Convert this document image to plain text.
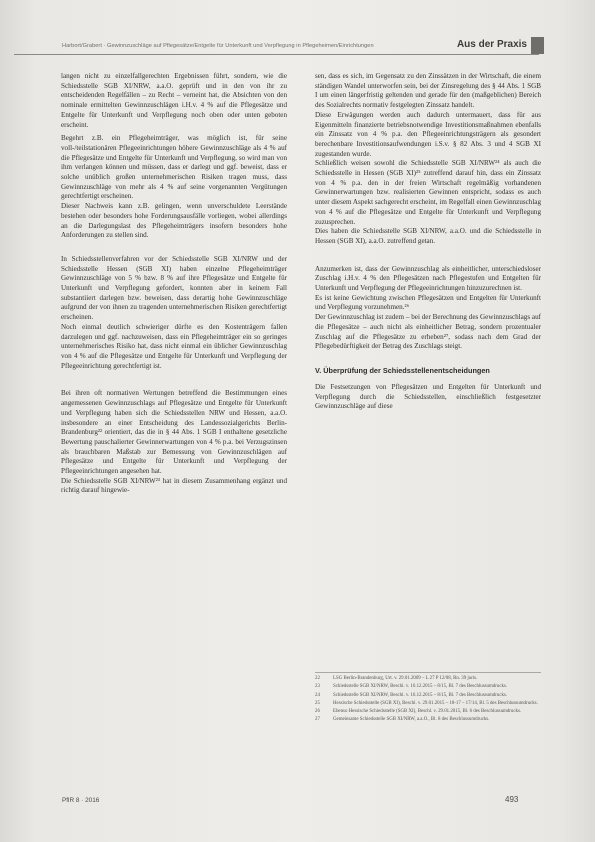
Harbort/Grabert · Gewinnzuschläge auf Pflegesätze/Entgelte für Unterkunft und Verpflegung in Pflegeheimen/Einrichtungen	Aus der Praxis

langen nicht zu einzelfallgerechten Ergebnissen führt, sondern, wie die Schiedsstelle SGB XI/NRW, a.a.O. geprüft und in den von ihr zu entscheidenden Regelfällen – zu Recht – verneint hat, die Absichten von den nominale ermittelten Gewinnzuschlägen i.H.v. 4 % auf die Pflegesätze und Entgelte für Unterkunft und Verpflegung noch oben oder unten geboten erscheint.

Begehrt z.B. ein Pflegeheimträger, was möglich ist, für seine voll-/teilstationären Pflegeeinrichtungen höhere Gewinnzuschläge als 4 % auf die Pflegesätze und Entgelte für Unterkunft und Verpflegung, so wird man von ihm verlangen können und müssen, dass er darlegt und ggf. beweist, dass er solche unüblich großen unternehmerischen Risiken tragen muss, dass Gewinnzuschläge von mehr als 4 % auf seine vorgenannten Vergütungen gerechtfertigt erscheinen.

Dieser Nachweis kann z.B. gelingen, wenn unverschuldete Leerstände bestehen oder besonders hohe Forderungsausfälle vorliegen, wobei allerdings an die Darlegungslast des Pflegeheimträgers insofern besonders hohe Anforderungen zu stellen sind.

In Schiedsstellenverfahren vor der Schiedsstelle SGB XI/NRW und der Schiedsstelle Hessen (SGB XI) haben einzelne Pflegeheimträger Gewinnzuschläge von 5 % bzw. 8 % auf ihre Pflegesätze und Entgelte für Unterkunft und Verpflegung gefordert, konnten aber in keinem Fall substantiiert darlegen bzw. beweisen, dass derartig hohe Gewinnzuschläge aufgrund der von ihnen zu tragenden unternehmerischen Risiken gerechtfertigt erscheinen.

Noch einmal deutlich schwieriger dürfte es den Kostenträgern fallen darzulegen und ggf. nachzuweisen, dass ein Pflegeheimträger ein so geringes unternehmerisches Risiko hat, dass nicht einmal ein üblicher Gewinnzuschlag von 4 % auf die Pflegesätze und Entgelte für Unterkunft und Verpflegung der Pflegeeinrichtung gerechtfertigt ist.

Bei ihren oft normativen Wertungen betreffend die Bestimmungen eines angemessenen Gewinnzuschlags auf Pflegesätze und Entgelte für Unterkunft und Verpflegung haben sich die Schiedsstellen NRW und Hessen, a.a.O. insbesondere an einer Entscheidung des Landessozialgerichts Berlin-Brandenburg²² orientiert, das die in § 44 Abs. 1 SGB I enthaltene gesetzliche Bewertung pauschalierter Gewinnerwartungen von 4 % p.a. bei Verzugszinsen als brauchbaren Maßstab zur Bemessung von Gewinnzuschlägen auf Pflegesätze und Entgelte für Unterkunft und Verpflegung der Pflegeeinrichtungen angesehen hat.

Die Schiedsstelle SGB XI/NRW²³ hat in diesem Zusammenhang ergänzt und richtig darauf hingewie-

sen, dass es sich, im Gegensatz zu den Zinssätzen in der Wirtschaft, die einem ständigen Wandel unterworfen sein, bei der Zinsregelung des § 44 Abs. 1 SGB I um einen längerfristig geltenden und gerade für den (maßgeblichen) Bereich des Sozialrechts normativ festgelegten Zinssatz handelt.

Diese Erwägungen werden auch dadurch untermauert, dass für aus Eigenmitteln finanzierte betriebsnotwendige Investitionsmaßnahmen ebenfalls ein Zinssatz von 4 % p.a. den Pflegeeinrichtungsträgern als gesondert berechenbare Investitionsaufwendungen i.S.v. § 82 Abs. 3 und 4 SGB XI zugestanden wurde.

Schließlich weisen sowohl die Schiedsstelle SGB XI/NRW²⁴ als auch die Schiedsstelle in Hessen (SGB XI)²⁵ zutreffend darauf hin, dass ein Zinssatz von 4 % p.a. den in der freien Wirtschaft regelmäßig vorhandenen Gewinnerwartungen bzw. realisierten Gewinnen entspricht, sodass es auch unter diesem Aspekt sachgerecht erscheint, im Regelfall einen Gewinnzuschlag von 4 % auf die Pflegesätze und Entgelte für Unterkunft und Verpflegung zuzusprechen.

Dies haben die Schiedsstelle SGB XI/NRW, a.a.O. und die Schiedsstelle in Hessen (SGB XI), a.a.O. zutreffend getan.

Anzumerken ist, dass der Gewinnzuschlag als einheitlicher, unterschiedsloser Zuschlag i.H.v. 4 % den Pflegesätzen nach Pflegestufen und Entgelten für Unterkunft und Verpflegung der Pflegeeinrichtungen hinzuzurechnen ist.

Es ist keine Gewichtung zwischen Pflegesätzen und Entgelten für Unterkunft und Verpflegung vorzunehmen.²⁶

Der Gewinnzuschlag ist zudem – bei der Berechnung des Gewinnzuschlags auf die Pflegesätze – auch nicht als einheitlicher Betrag, sondern prozentualer Zuschlag auf die Pflegesätze zu erheben²⁷, sodass nach dem Grad der Pflegebedürftigkeit der Betrag des Zuschlags steigt.

V. Überprüfung der Schiedsstellenentscheidungen

Die Festsetzungen von Pflegesätzen und Entgelten für Unterkunft und Verpflegung durch die Schiedsstellen, einschließlich festgesetzter Gewinnzuschläge auf diese

22	LSG Berlin-Brandenburg, Urt. v. 29.01.2009 – L 27 P 12/08, Rn. 39 juris.
23	Schiedsstelle SGB XI/NRW, Beschl. v. 16.12.2015 – 8/15, Bl. 7 des Beschlussumdrucks.
24	Schiedsstelle SGB XI/NRW, Beschl. v. 16.12.2015 – 8/15, Bl. 7 des Beschlussumdrucks.
25	Hessische Schiedsstelle (SGB XI), Beschl. v. 29.01.2015 – 18-17 – 17/14, Bl. 5 des Beschlussumdrucks.
26	Ebenso Hessische Schiedsstelle (SGB XI), Beschl. v. 29.01.2015, Bl. 6 des Beschlussumdrucks.
27	Gemeinsame Schiedsstelle SGB XI/NRW, a.a.O., Bl. 8 des Beschlussumdrucks.
PflR 8 · 2016	493
